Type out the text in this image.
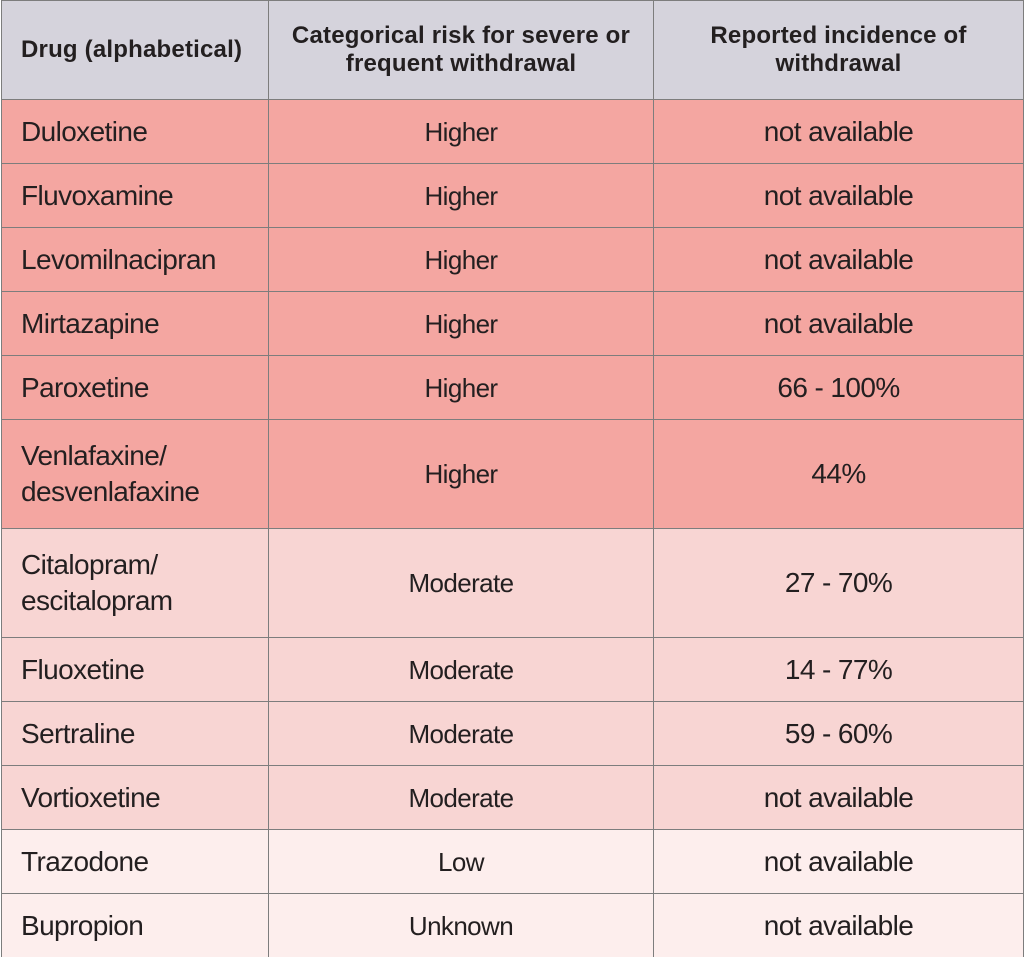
Drug (alphabetical)	Categorical risk for severe or frequent withdrawal	Reported incidence of withdrawal
Duloxetine	Higher	not available
Fluvoxamine	Higher	not available
Levomilnacipran	Higher	not available
Mirtazapine	Higher	not available
Paroxetine	Higher	66 - 100%
Venlafaxine/ desvenlafaxine	Higher	44%
Citalopram/ escitalopram	Moderate	27 - 70%
Fluoxetine	Moderate	14 - 77%
Sertraline	Moderate	59 - 60%
Vortioxetine	Moderate	not available
Trazodone	Low	not available
Bupropion	Unknown	not available
